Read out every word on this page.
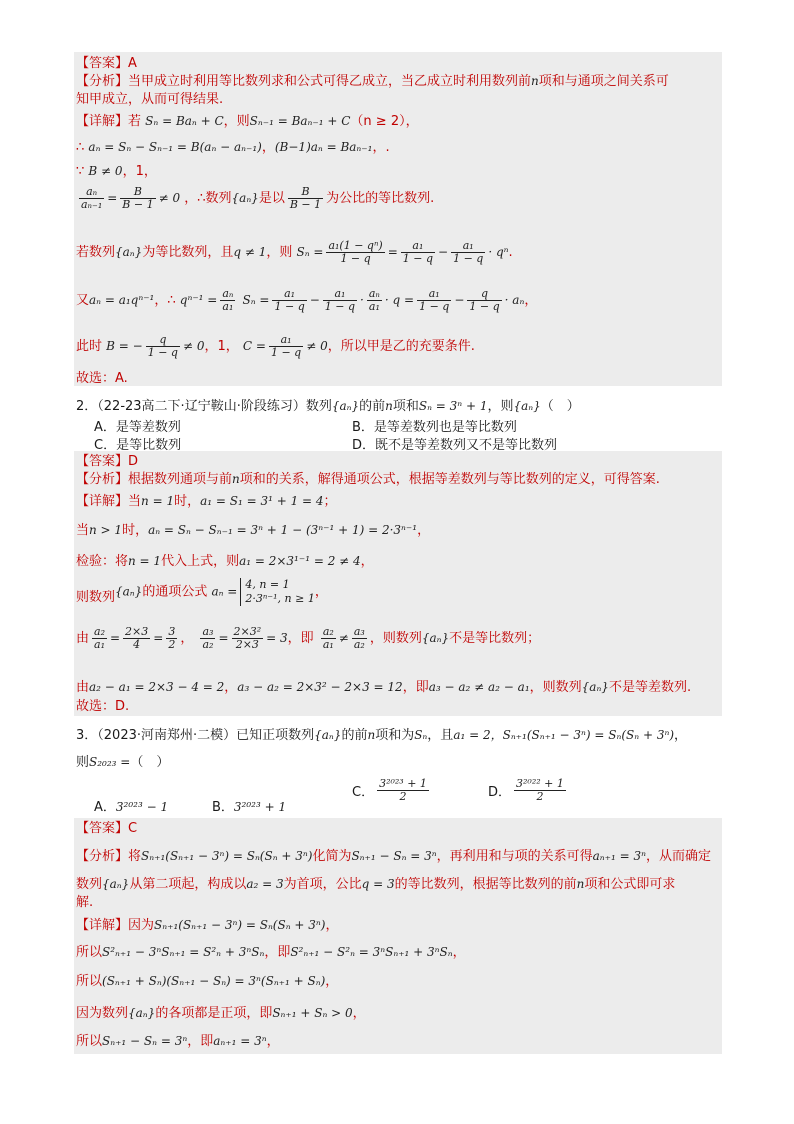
【答案】A
【分析】当甲成立时利用等比数列求和公式可得乙成立，当乙成立时利用数列前n项和与通项之间关系可
知甲成立，从而可得结果.
【详解】若 Sₙ = Baₙ + C，则Sₙ₋₁ = Baₙ₋₁ + C（n ≥ 2），
∴ aₙ = Sₙ − Sₙ₋₁ = B(aₙ − aₙ₋₁)，(B−1)aₙ = Baₙ₋₁，.
∵ B ≠ 0，1，
$\frac{\text{aₙ}}{\text{aₙ₋₁}} = \frac{B}{B - 1} \ne 0$ ，∴数列{aₙ}是以 $\frac{B}{B - 1}$ 为公比的等比数列.
若数列{aₙ}为等比数列，且q ≠ 1，则 $S_n = \frac{\text{a₁(1 − qⁿ)}}{1 - q} = \frac{\text{a₁}}{1 - q} - \frac{\text{a₁}}{1 - q} \cdot q^n$.
又aₙ = a₁qⁿ⁻¹，∴ $q^{n-1} = \frac{\text{aₙ}}{\text{a₁}}$ $S_n = \frac{\text{a₁}}{1 - q} - \frac{\text{a₁}}{1 - q} \cdot \frac{\text{aₙ}}{\text{a₁}} \cdot q = \frac{\text{a₁}}{1 - q} - \frac{q}{1 - q} \cdot a_n$，
此时 B = − $\frac{q}{1 - q} \ne 0$，1， $C = \frac{\text{a₁}}{1 - q} \ne 0$，所以甲是乙的充要条件.
故选：A.
2．（22-23高二下·辽宁鞍山·阶段练习）数列{aₙ}的前n项和Sₙ = 3ⁿ + 1，则{aₙ}（　）
A．是等差数列	B．是等差数列也是等比数列
C．是等比数列	D．既不是等差数列又不是等比数列
【答案】D
【分析】根据数列通项与前n项和的关系，解得通项公式，根据等差数列与等比数列的定义，可得答案.
【详解】当n = 1时，a₁ = S₁ = 3¹ + 1 = 4；
当n > 1时，aₙ = Sₙ − Sₙ₋₁ = 3ⁿ + 1 − (3ⁿ⁻¹ + 1) = 2·3ⁿ⁻¹，
检验：将n = 1代入上式，则a₁ = 2×3¹⁻¹ = 2 ≠ 4，
则数列{aₙ}的通项公式 aₙ = 4, n = 1
2·3ⁿ⁻¹, n ≥ 1 ，
由 $\frac{\text{a₂}}{\text{a₁}} = \frac{2\times 3}{4} = \frac{3}{2}$ ， $\frac{\text{a₃}}{\text{a₂}} = \frac{\text{2×3²}}{2\times 3} = 3$，即 $\frac{\text{a₂}}{\text{a₁}} \ne \frac{\text{a₃}}{\text{a₂}}$ ，则数列{aₙ}不是等比数列；
由a₂ − a₁ = 2×3 − 4 = 2，a₃ − a₂ = 2×3² − 2×3 = 12，即a₃ − a₂ ≠ a₂ − a₁，则数列{aₙ}不是等差数列.
故选：D.
3．（2023·河南郑州·二模）已知正项数列{aₙ}的前n项和为Sₙ，且a₁ = 2，Sₙ₊₁(Sₙ₊₁ − 3ⁿ) = Sₙ(Sₙ + 3ⁿ)，
则S₂₀₂₃ =（　）
A．3²⁰²³ − 1	B．3²⁰²³ + 1
C． $\frac{\text{3²⁰²³ + 1}}{2}$	D． $\frac{\text{3²⁰²² + 1}}{2}$
【答案】C
【分析】将Sₙ₊₁(Sₙ₊₁ − 3ⁿ) = Sₙ(Sₙ + 3ⁿ)化简为Sₙ₊₁ − Sₙ = 3ⁿ，再利用和与项的关系可得aₙ₊₁ = 3ⁿ，从而确定
数列{aₙ}从第二项起，构成以a₂ = 3为首项，公比q = 3的等比数列，根据等比数列的前n项和公式即可求
解.
【详解】因为Sₙ₊₁(Sₙ₊₁ − 3ⁿ) = Sₙ(Sₙ + 3ⁿ)，
所以S²ₙ₊₁ − 3ⁿSₙ₊₁ = S²ₙ + 3ⁿSₙ，即S²ₙ₊₁ − S²ₙ = 3ⁿSₙ₊₁ + 3ⁿSₙ，
所以(Sₙ₊₁ + Sₙ)(Sₙ₊₁ − Sₙ) = 3ⁿ(Sₙ₊₁ + Sₙ)，
因为数列{aₙ}的各项都是正项，即Sₙ₊₁ + Sₙ > 0，
所以Sₙ₊₁ − Sₙ = 3ⁿ，即aₙ₊₁ = 3ⁿ，
